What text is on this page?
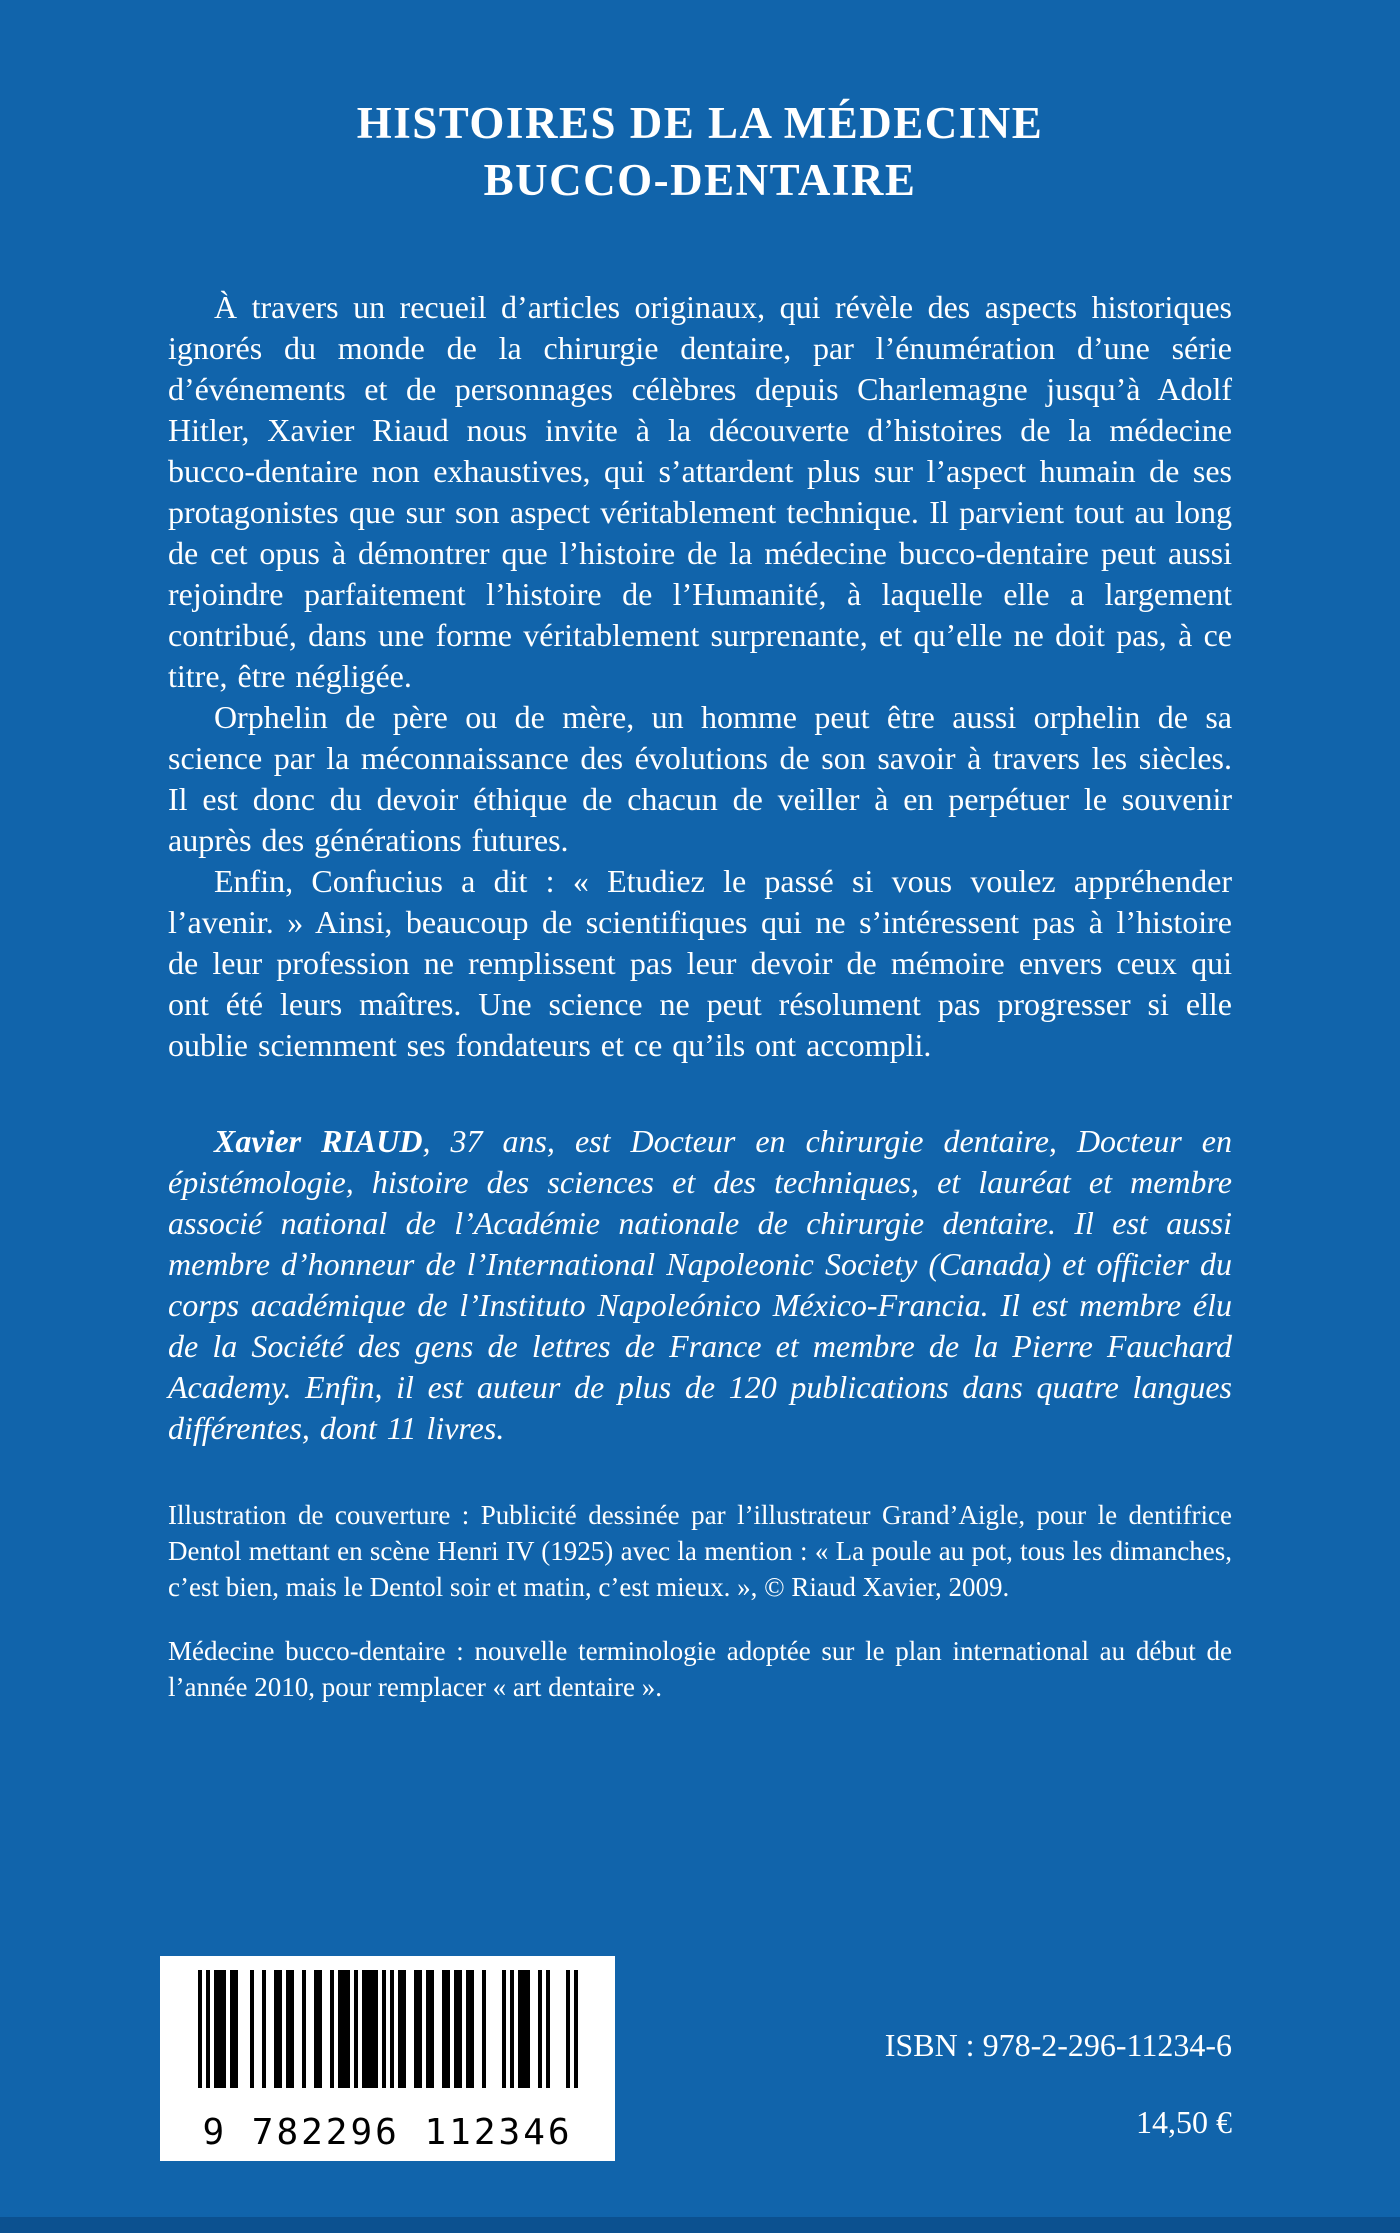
HISTOIRES DE LA MÉDECINE
BUCCO-DENTAIRE

À travers un recueil d’articles originaux, qui révèle des aspects historiques ignorés du monde de la chirurgie dentaire, par l’énumération d’une série d’événements et de personnages célèbres depuis Charlemagne jusqu’à Adolf Hitler, Xavier Riaud nous invite à la découverte d’histoires de la médecine bucco-dentaire non exhaustives, qui s’attardent plus sur l’aspect humain de ses protagonistes que sur son aspect véritablement technique. Il parvient tout au long de cet opus à démontrer que l’histoire de la médecine bucco-dentaire peut aussi rejoindre parfaitement l’histoire de l’Humanité, à laquelle elle a largement contribué, dans une forme véritablement surprenante, et qu’elle ne doit pas, à ce titre, être négligée.

Orphelin de père ou de mère, un homme peut être aussi orphelin de sa science par la méconnaissance des évolutions de son savoir à travers les siècles. Il est donc du devoir éthique de chacun de veiller à en perpétuer le souvenir auprès des générations futures.

Enfin, Confucius a dit : « Etudiez le passé si vous voulez appréhender l’avenir. » Ainsi, beaucoup de scientifiques qui ne s’intéressent pas à l’histoire de leur profession ne remplissent pas leur devoir de mémoire envers ceux qui ont été leurs maîtres. Une science ne peut résolument pas progresser si elle oublie sciemment ses fondateurs et ce qu’ils ont accompli.

Xavier RIAUD, 37 ans, est Docteur en chirurgie dentaire, Docteur en épistémologie, histoire des sciences et des techniques, et lauréat et membre associé national de l’Académie nationale de chirurgie dentaire. Il est aussi membre d’honneur de l’International Napoleonic Society (Canada) et officier du corps académique de l’Instituto Napoleónico México-Francia. Il est membre élu de la Société des gens de lettres de France et membre de la Pierre Fauchard Academy. Enfin, il est auteur de plus de 120 publications dans quatre langues différentes, dont 11 livres.

Illustration de couverture : Publicité dessinée par l’illustrateur Grand’Aigle, pour le dentifrice Dentol mettant en scène Henri IV (1925) avec la mention : « La poule au pot, tous les dimanches, c’est bien, mais le Dentol soir et matin, c’est mieux. », © Riaud Xavier, 2009.

Médecine bucco-dentaire : nouvelle terminologie adoptée sur le plan international au début de l’année 2010, pour remplacer « art dentaire ».

9 782296 112346
ISBN : 978-2-296-11234-6
14,50 €
